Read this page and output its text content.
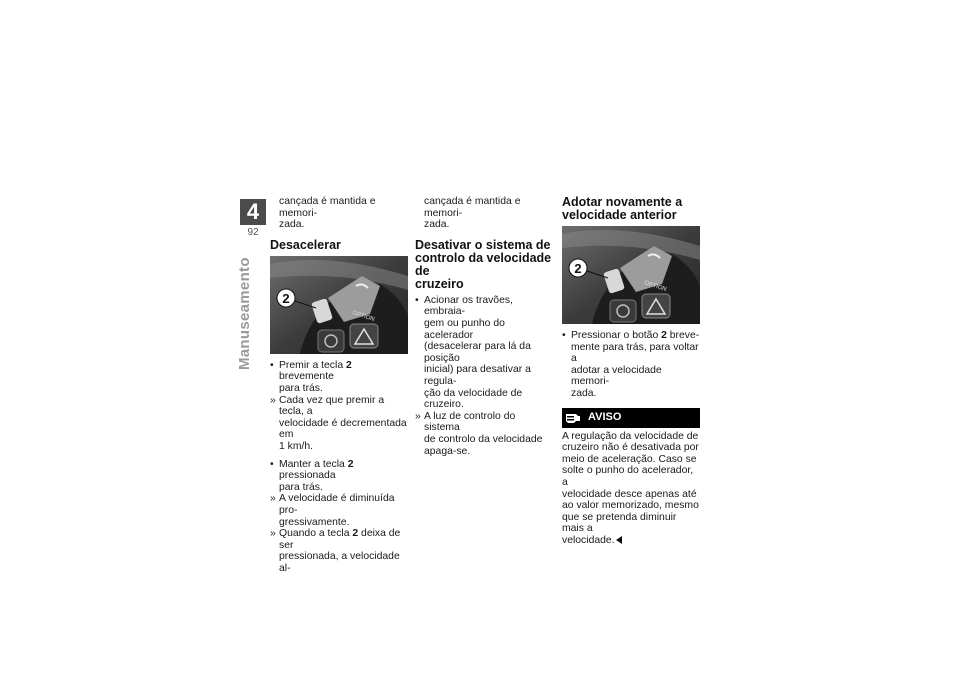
4
92
Manuseamento

cançada é mantida e memori-

zada.

Desacelerar
OPTION
2

• Premir a tecla 2 brevemente
para trás.

» Cada vez que premir a tecla, a
velocidade é decrementada em
1 km/h.

• Manter a tecla 2 pressionada
para trás.

» A velocidade é diminuída pro-
gressivamente.

» Quando a tecla 2 deixa de ser
pressionada, a velocidade al-

cançada é mantida e memori-

zada.

Desativar o sistema de
controlo da velocidade de
cruzeiro

• Acionar os travões, embraia-
gem ou punho do acelerador
(desacelerar para lá da posição
inicial) para desativar a regula-
ção da velocidade de cruzeiro.

» A luz de controlo do sistema
de controlo da velocidade
apaga-se.

Adotar novamente a
velocidade anterior
OPTION
2

• Pressionar o botão 2 breve-
mente para trás, para voltar a
adotar a velocidade memori-
zada.

AVISO

A regulação da velocidade de

cruzeiro não é desativada por

meio de aceleração. Caso se

solte o punho do acelerador, a

velocidade desce apenas até

ao valor memorizado, mesmo

que se pretenda diminuir mais a

velocidade.
